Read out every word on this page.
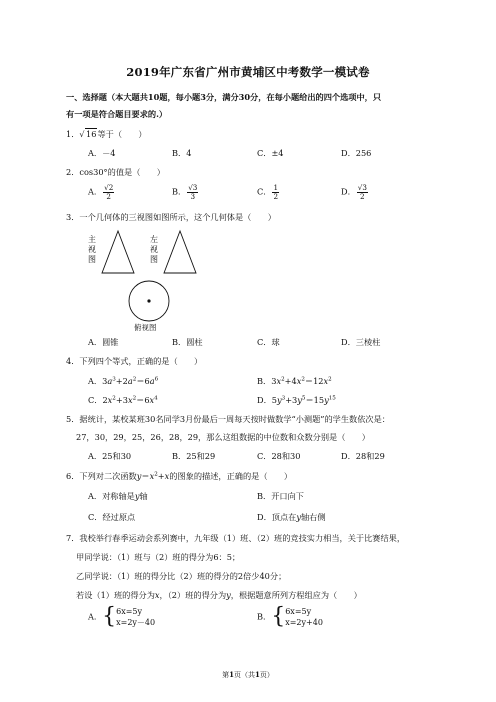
2019年广东省广州市黄埔区中考数学一模试卷
一、选择题（本大题共10题，每小题3分，满分30分，在每小题给出的四个选项中，只
有一项是符合题目要求的.）
1．√ 16等于（　　）
A．－4	B．4	C．±4	D．256
2．cos30°的值是（　　）
A． $\frac{√2}{2}$	B． $\frac{√3}{3}$	C． $\frac{1}{2}$	D． $\frac{√3}{2}$
3．一个几何体的三视图如图所示，这个几何体是（　　）
主
视
图
左
视
图
俯视图
A．圆锥	B．圆柱	C．球	D．三棱柱
4．下列四个等式，正确的是（　　）
A．$3a^3+2a^2=6a^6$	B．$3x^2+4x^2=12x^2$
C．$2x^2+3x^2=6x^4$	D．$5y^3+3y^5=15y^{15}$
5．据统计，某校某班30名同学3月份最后一周每天按时做数学“小测题”的学生数依次是：
27，30，29，25，26，28，29，那么这组数据的中位数和众数分别是（　　）
A．25和30	B．25和29	C．28和30	D．28和29
6．下列对二次函数$y=x^2+x$的图象的描述，正确的是（　　）
A．对称轴是y轴	B．开口向下
C．经过原点	D．顶点在y轴右侧
7．我校举行春季运动会系列赛中，九年级（1）班、（2）班的竞技实力相当，关于比赛结果，
甲同学说：（1）班与（2）班的得分为6：5；
乙同学说：（1）班的得分比（2）班的得分的2倍少40分；
若设（1）班的得分为x，（2）班的得分为y，根据题意所列方程组应为（　　）
A．{ 6x=5y
x=2y－40
B．{ 6x=5y
x=2y+40
第1页（共1页）
